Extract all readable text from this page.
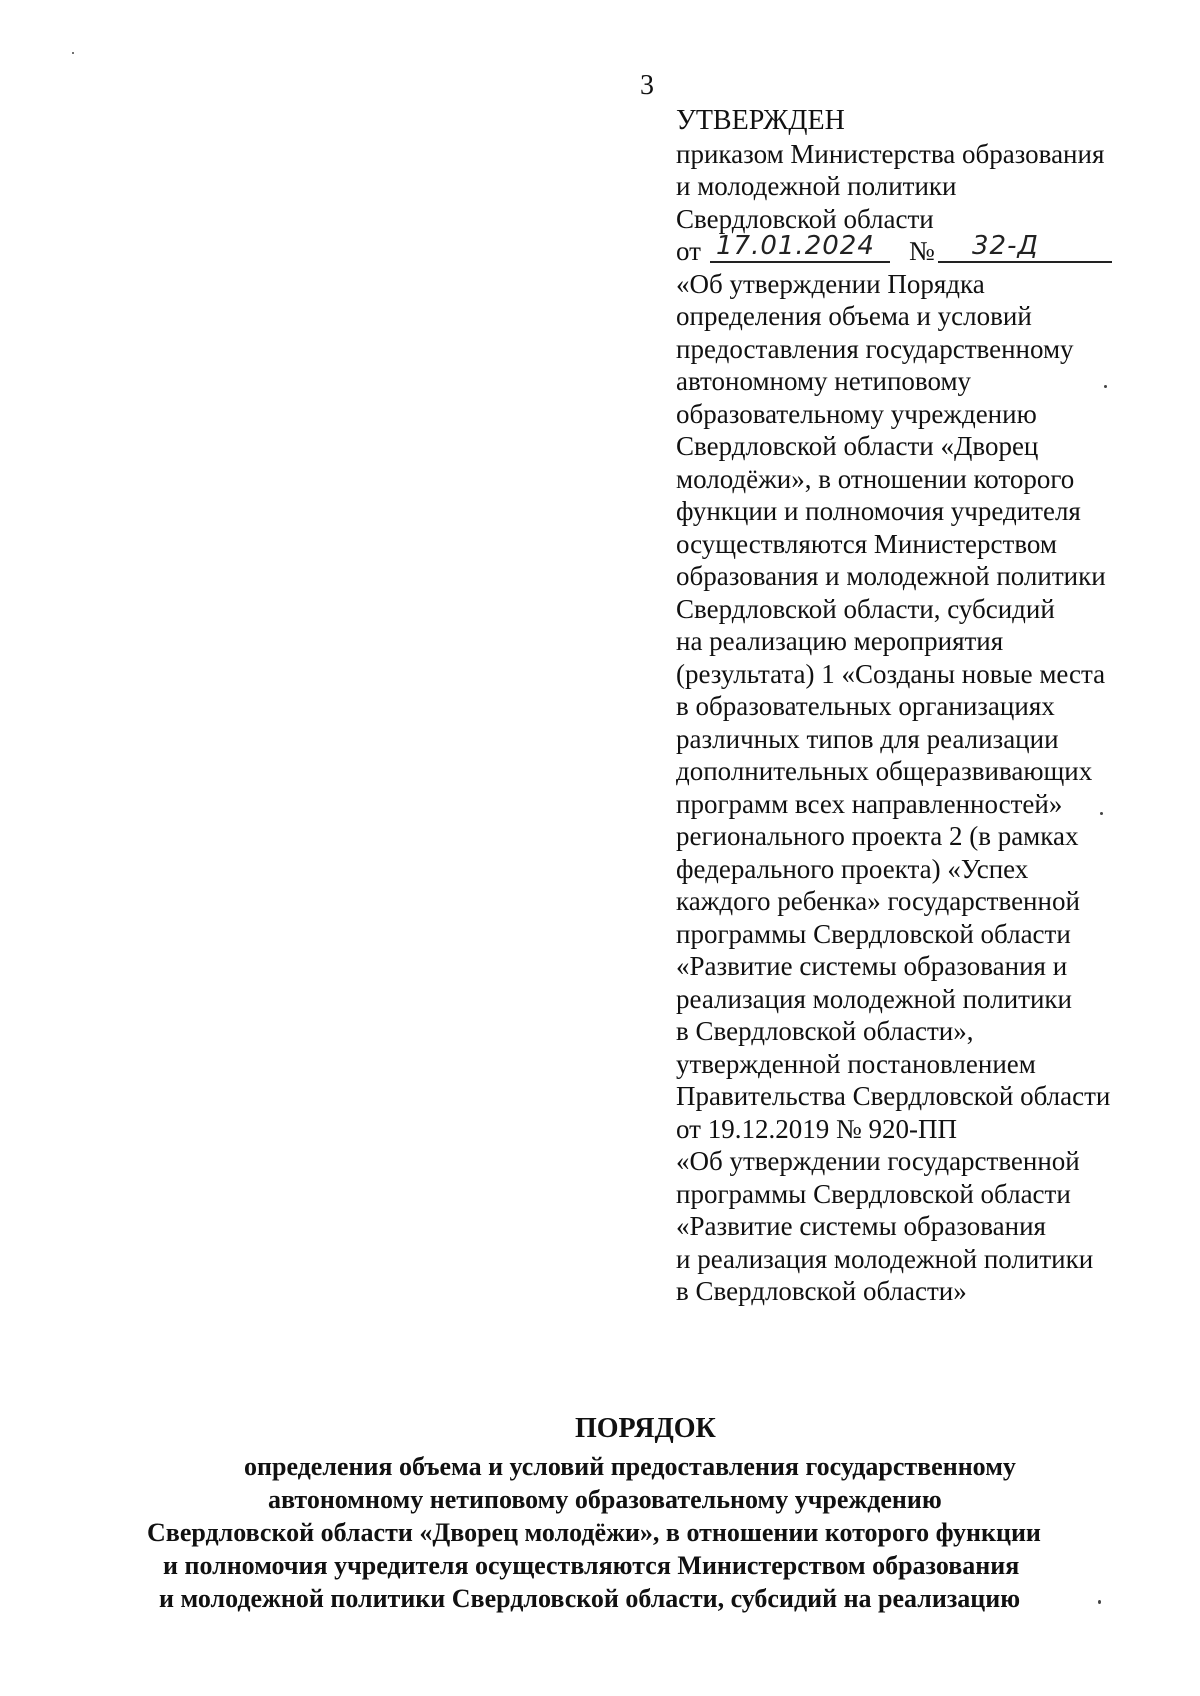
3
УТВЕРЖДЕН
приказом Министерства образования
и молодежной политики
Свердловской области
от 17.01.2024	№	32-Д
«Об утверждении Порядка
определения объема и условий
предоставления государственному
автономному нетиповому
образовательному учреждению
Свердловской области «Дворец
молодёжи», в отношении которого
функции и полномочия учредителя
осуществляются Министерством
образования и молодежной политики
Свердловской области, субсидий
на реализацию мероприятия
(результата) 1 «Созданы новые места
в образовательных организациях
различных типов для реализации
дополнительных общеразвивающих
программ всех направленностей»
регионального проекта 2 (в рамках
федерального проекта) «Успех
каждого ребенка» государственной
программы Свердловской области
«Развитие системы образования и
реализация молодежной политики
в Свердловской области»,
утвержденной постановлением
Правительства Свердловской области
от 19.12.2019 № 920-ПП
«Об утверждении государственной
программы Свердловской области
«Развитие системы образования
и реализация молодежной политики
в Свердловской области»
ПОРЯДОК
определения объема и условий предоставления государственному
автономному нетиповому образовательному учреждению
Свердловской области «Дворец молодёжи», в отношении которого функции
и полномочия учредителя осуществляются Министерством образования
и молодежной политики Свердловской области, субсидий на реализацию
